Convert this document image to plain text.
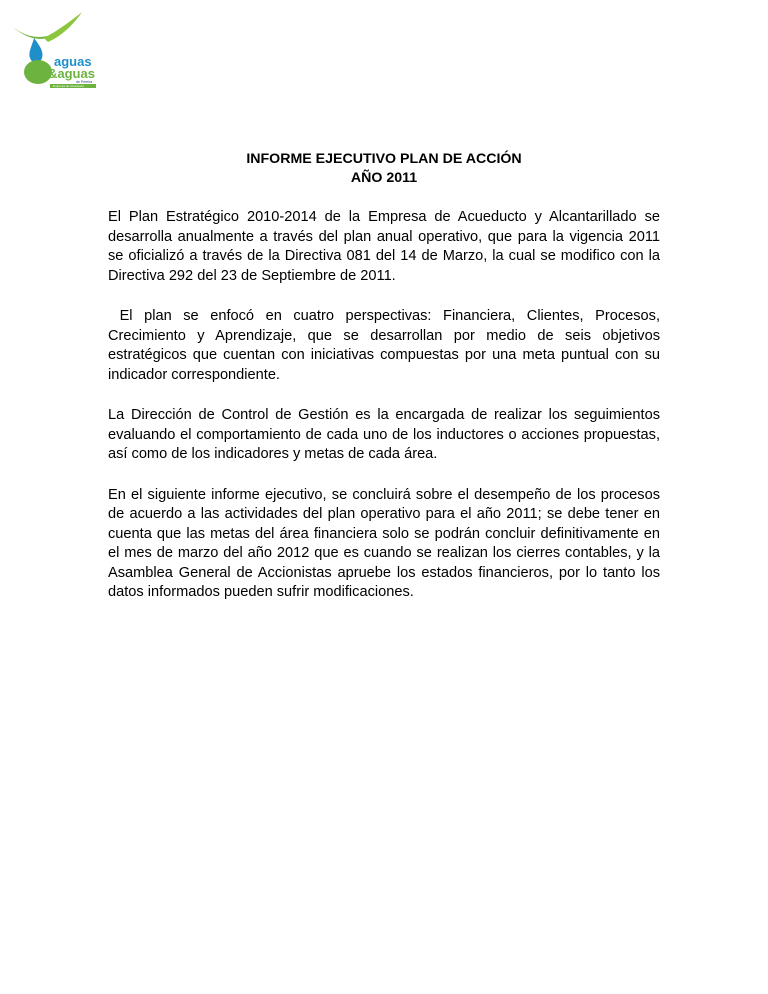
aguas
&aguas
de Pereira
Empresa de Acueducto
INFORME EJECUTIVO PLAN DE ACCIÓN
AÑO 2011

El Plan Estratégico 2010-2014 de la Empresa de Acueducto y Alcantarillado se desarrolla anualmente a través del plan anual operativo, que para la vigencia 2011 se oficializó a través de la Directiva 081 del 14 de Marzo, la cual se modifico con la Directiva 292 del 23 de Septiembre de 2011.

El plan se enfocó en cuatro perspectivas: Financiera, Clientes, Procesos, Crecimiento y Aprendizaje, que se desarrollan por medio de seis objetivos estratégicos que cuentan con iniciativas compuestas por una meta puntual con su indicador correspondiente.

La Dirección de Control de Gestión es la encargada de realizar los seguimientos evaluando el comportamiento de cada uno de los inductores o acciones propuestas, así como de los indicadores y metas de cada área.

En el siguiente informe ejecutivo, se concluirá sobre el desempeño de los procesos de acuerdo a las actividades del plan operativo para el año 2011; se debe tener en cuenta que las metas del área financiera solo se podrán concluir definitivamente en el mes de marzo del año 2012 que es cuando se realizan los cierres contables, y la Asamblea General de Accionistas apruebe los estados financieros, por lo tanto los datos informados pueden sufrir modificaciones.
